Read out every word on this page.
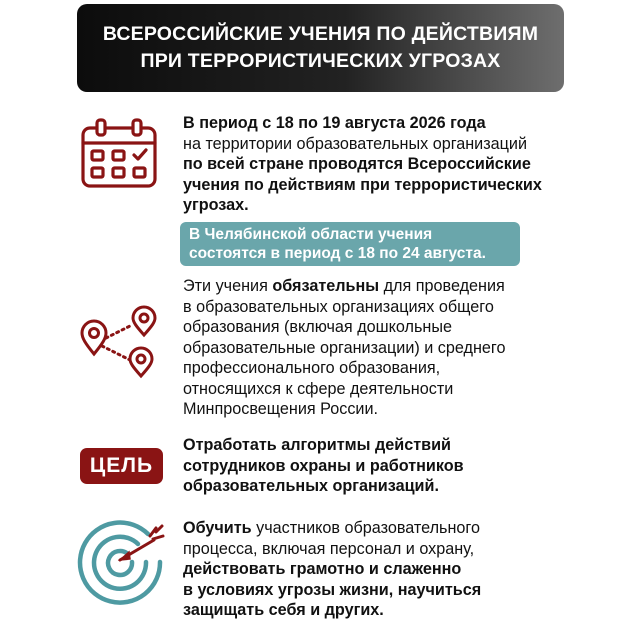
ВСЕРОССИЙСКИЕ УЧЕНИЯ ПО ДЕЙСТВИЯМ
ПРИ ТЕРРОРИСТИЧЕСКИХ УГРОЗАХ
В период с 18 по 19 августа 2026 года
на территории образовательных организаций
по всей стране проводятся Всероссийские
учения по действиям при террористических
угрозах.
В Челябинской области учения
состоятся в период с 18 по 24 августа.
Эти учения обязательны для проведения
в образовательных организациях общего
образования (включая дошкольные
образовательные организации) и среднего
профессионального образования,
относящихся к сфере деятельности
Минпросвещения России.
ЦЕЛЬ
Отработать алгоритмы действий
сотрудников охраны и работников
образовательных организаций.
Обучить участников образовательного
процесса, включая персонал и охрану,
действовать грамотно и слаженно
в условиях угрозы жизни, научиться
защищать себя и других.
